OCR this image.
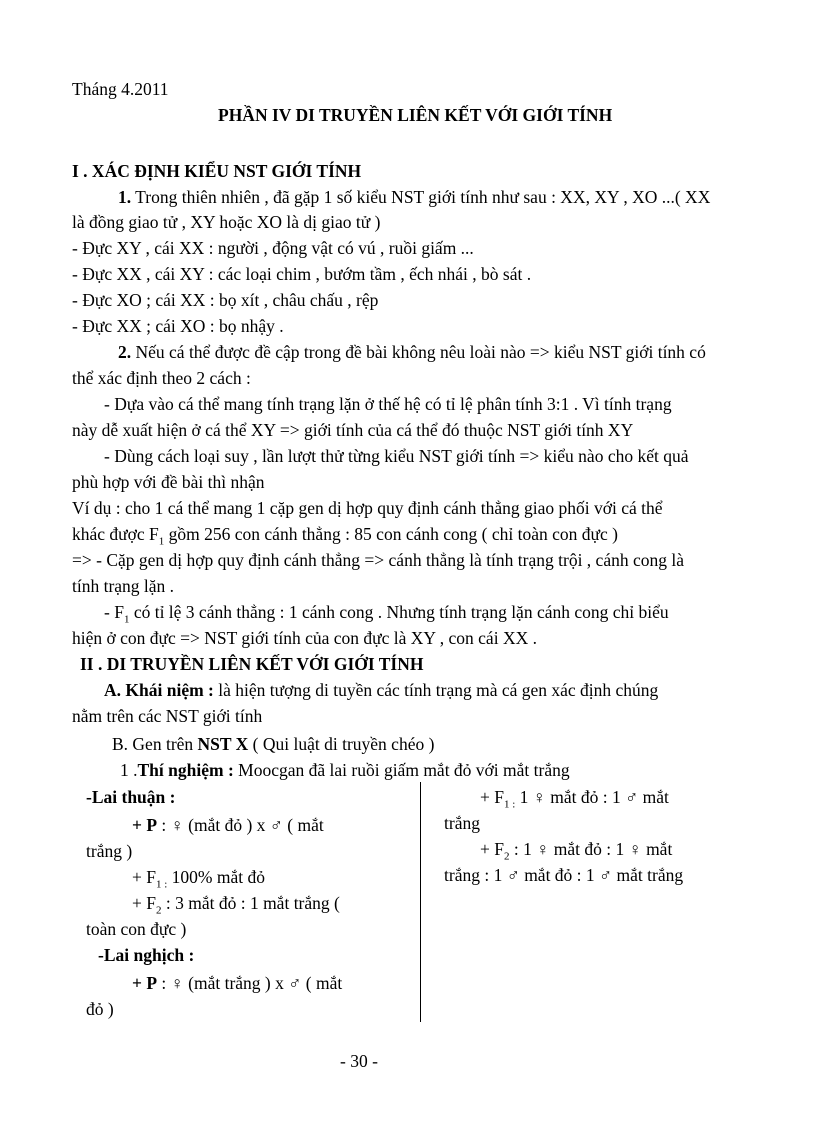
Tháng 4.2011
PHẦN IV DI TRUYỀN LIÊN KẾT VỚI GIỚI TÍNH
I . XÁC ĐỊNH KIỂU NST GIỚI TÍNH
1. Trong thiên nhiên , đã gặp 1 số kiểu NST giới tính như sau : XX, XY , XO ...( XX
là đồng giao tử , XY hoặc XO là dị giao tử )
- Đực XY , cái XX : người , động vật có vú , ruồi giấm ...
- Đực XX , cái XY : các loại chim , bướm tầm , ếch nhái , bò sát .
- Đực XO ; cái XX : bọ xít , châu chấu , rệp
- Đực XX ; cái XO : bọ nhậy .
2. Nếu cá thể được đề cập trong đề bài không nêu loài nào => kiểu NST giới tính có
thể xác định theo 2 cách :
- Dựa vào cá thể mang tính trạng lặn ở thế hệ có tỉ lệ phân tính 3:1 . Vì tính trạng
này dễ xuất hiện ở cá thể XY => giới tính của cá thể đó thuộc NST giới tính XY
- Dùng cách loại suy , lần lượt thử từng kiểu NST giới tính => kiểu nào cho kết quả
phù hợp với đề bài thì nhận
Ví dụ : cho 1 cá thể mang 1 cặp gen dị hợp quy định cánh thẳng giao phối với cá thể
khác được $F_1$ gồm 256 con cánh thẳng : 85 con cánh cong ( chỉ toàn con đực )
=> - Cặp gen dị hợp quy định cánh thẳng => cánh thẳng là tính trạng trội , cánh cong là
tính trạng lặn .
- $F_1$ có tỉ lệ 3 cánh thẳng : 1 cánh cong . Nhưng tính trạng lặn cánh cong chỉ biểu
hiện ở con đực => NST giới tính của con đực là XY , con cái XX .
II . DI TRUYỀN LIÊN KẾT VỚI GIỚI TÍNH
A. Khái niệm : là hiện tượng di tuyền các tính trạng mà cá gen xác định chúng
nằm trên các NST giới tính
B. Gen trên NST X ( Qui luật di truyền chéo )
1 .Thí nghiệm : Moocgan đã lai ruồi giấm mắt đỏ với mắt trắng
-Lai thuận :
+ P : ♀ (mắt đỏ ) x ♂ ( mắt
trắng )
+ $F_{1 :}$ 100% mắt đỏ
+ $F_2$ : 3 mắt đỏ : 1 mắt trắng (
toàn con đực )
-Lai nghịch :
+ P : ♀ (mắt trắng ) x ♂ ( mắt
đỏ )
+ $F_{1 :}$ 1 ♀ mắt đỏ : 1 ♂ mắt
trắng
+ $F_2$ : 1 ♀ mắt đỏ : 1 ♀ mắt
trắng : 1 ♂ mắt đỏ : 1 ♂ mắt trắng
- 30 -
